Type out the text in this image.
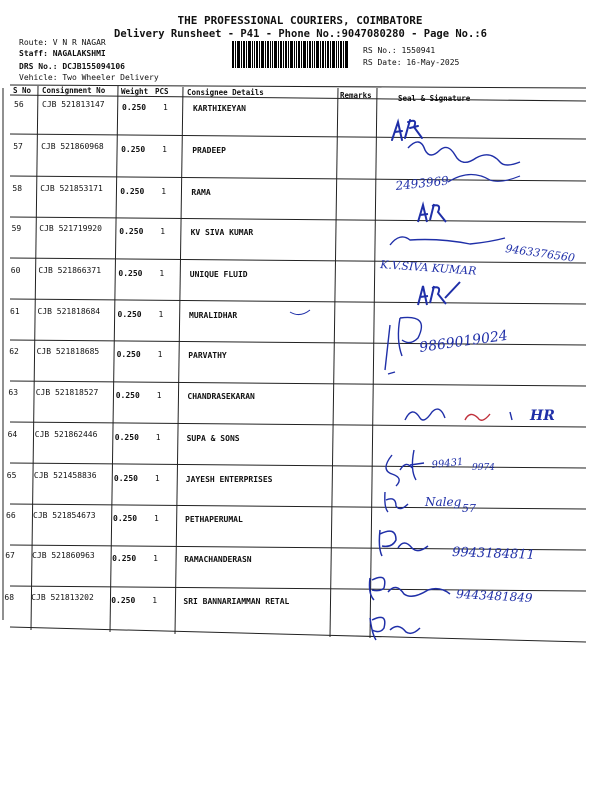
THE PROFESSIONAL COURIERS, COIMBATORE
Delivery Runsheet - P41 - Phone No.:9047080280 - Page No.:6
Route: V N R NAGAR
Staff: NAGALAKSHMI
DRS No.: DCJB155094106
Vehicle: Two Wheeler Delivery
RS No.: 1550941
RS Date: 16-May-2025
S No Consignment No Weight PCS Consignee Details	Remarks	Seal & Signature
56 CJB 521813147 0.250 1	KARTHIKEYAN
57 CJB 521860968 0.250 1	PRADEEP
58 CJB 521853171 0.250 1	RAMA
59 CJB 521719920 0.250 1	KV SIVA KUMAR
60 CJB 521866371 0.250 1	UNIQUE FLUID
61 CJB 521818684 0.250 1	MURALIDHAR
62 CJB 521818685 0.250 1	PARVATHY
63 CJB 521818527 0.250 1	CHANDRASEKARAN
64 CJB 521862446 0.250 1	SUPA & SONS
65 CJB 521458836 0.250 1	JAYESH ENTERPRISES
66 CJB 521854673 0.250 1	PETHAPERUMAL
67 CJB 521860963 0.250 1	RAMACHANDERASN
68 CJB 521813202 0.250 1	SRI BANNARIAMMAN RETAL
2493969
9463376560
K.V.SIVA KUMAR
9869019024
HR
99431 9974
Naleg 57
9943184811
9443481849
